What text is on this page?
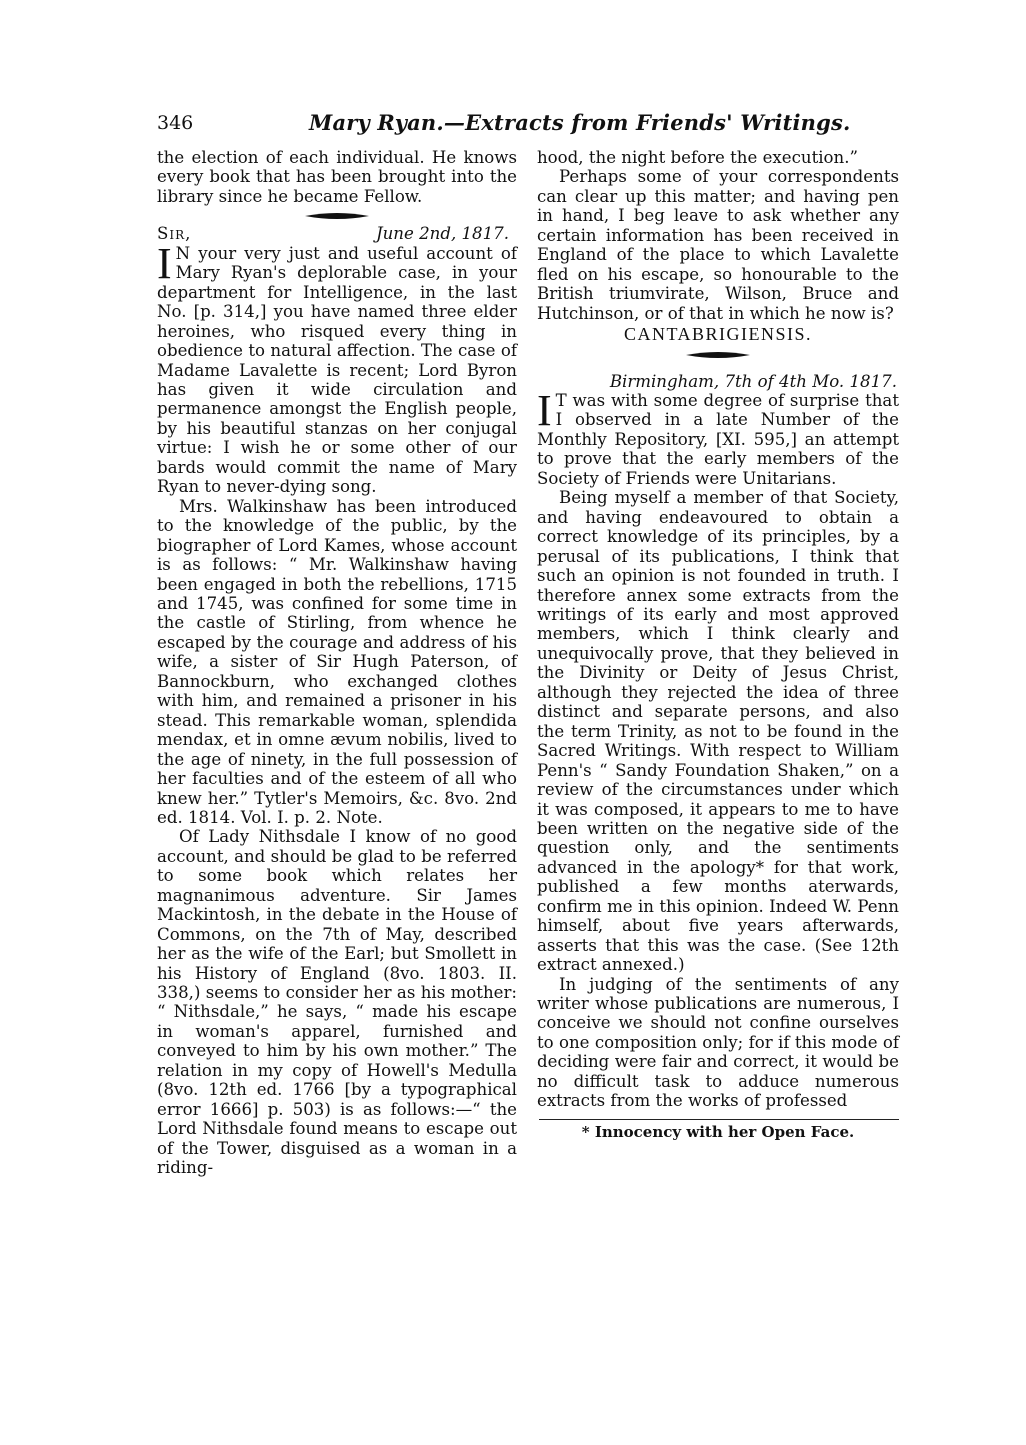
346	Mary Ryan.—Extracts from Friends' Writings.

the election of each individual. He knows every book that has been brought into the library since he became Fellow.

Sir,	June 2nd, 1817.

I N your very just and useful account of Mary Ryan's deplorable case, in your department for Intelligence, in the last No. [p. 314,] you have named three elder heroines, who risqued every thing in obedience to natural affection. The case of Madame Lavalette is recent; Lord Byron has given it wide circulation and permanence amongst the English people, by his beautiful stanzas on her conjugal virtue: I wish he or some other of our bards would commit the name of Mary Ryan to never-dying song.

Mrs. Walkinshaw has been introduced to the knowledge of the public, by the biographer of Lord Kames, whose account is as follows: “ Mr. Walkinshaw having been engaged in both the rebellions, 1715 and 1745, was confined for some time in the castle of Stirling, from whence he escaped by the courage and address of his wife, a sister of Sir Hugh Paterson, of Bannockburn, who exchanged clothes with him, and remained a prisoner in his stead. This remarkable woman, splendida mendax, et in omne ævum nobilis, lived to the age of ninety, in the full possession of her faculties and of the esteem of all who knew her.” Tytler's Memoirs, &c. 8vo. 2nd ed. 1814. Vol. I. p. 2. Note.

Of Lady Nithsdale I know of no good account, and should be glad to be referred to some book which relates her magnanimous adventure. Sir James Mackintosh, in the debate in the House of Commons, on the 7th of May, described her as the wife of the Earl; but Smollett in his History of England (8vo. 1803. II. 338,) seems to consider her as his mother: “ Nithsdale,” he says, “ made his escape in woman's apparel, furnished and conveyed to him by his own mother.” The relation in my copy of Howell's Medulla (8vo. 12th ed. 1766 [by a typographical error 1666] p. 503) is as follows:—“ the Lord Nithsdale found means to escape out of the Tower, disguised as a woman in a riding-

hood, the night before the execution.”

Perhaps some of your correspondents can clear up this matter; and having pen in hand, I beg leave to ask whether any certain information has been received in England of the place to which Lavalette fled on his escape, so honourable to the British triumvirate, Wilson, Bruce and Hutchinson, or of that in which he now is?

CANTABRIGIENSIS.

Birmingham, 7th of 4th Mo. 1817.

I T was with some degree of surprise that I observed in a late Number of the Monthly Repository, [XI. 595,] an attempt to prove that the early members of the Society of Friends were Unitarians.

Being myself a member of that Society, and having endeavoured to obtain a correct knowledge of its principles, by a perusal of its publications, I think that such an opinion is not founded in truth. I therefore annex some extracts from the writings of its early and most approved members, which I think clearly and unequivocally prove, that they believed in the Divinity or Deity of Jesus Christ, although they rejected the idea of three distinct and separate persons, and also the term Trinity, as not to be found in the Sacred Writings. With respect to William Penn's “ Sandy Foundation Shaken,” on a review of the circumstances under which it was composed, it appears to me to have been written on the negative side of the question only, and the sentiments advanced in the apology* for that work, published a few months aterwards, confirm me in this opinion. Indeed W. Penn himself, about five years afterwards, asserts that this was the case. (See 12th extract annexed.)

In judging of the sentiments of any writer whose publications are numerous, I conceive we should not confine ourselves to one composition only; for if this mode of deciding were fair and correct, it would be no difficult task to adduce numerous extracts from the works of professed

* Innocency with her Open Face.
